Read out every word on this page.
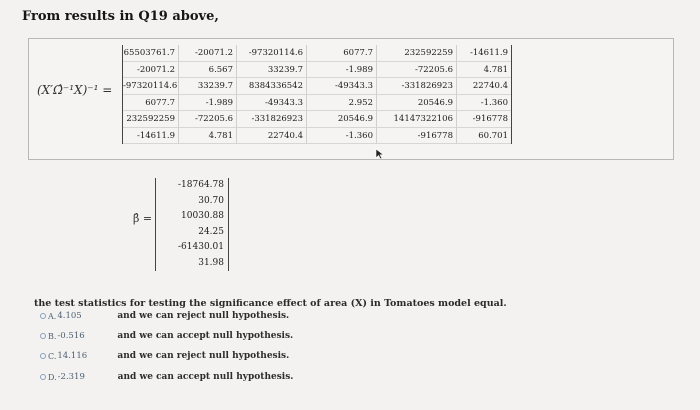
From results in Q19 above,
(X′Ω̂⁻¹X)⁻¹ =
65503761.7	-20071.2	-97320114.6	6077.7	232592259	-14611.9
-20071.2	6.567	33239.7	-1.989	-72205.6	4.781
-97320114.6	33239.7	8384336542	-49343.3	-331826923	22740.4
6077.7	-1.989	-49343.3	2.952	20546.9	-1.360
232592259	-72205.6	-331826923	20546.9	14147322106	-916778
-14611.9	4.781	22740.4	-1.360	-916778	60.701
β̂ =
-18764.78
30.70
10030.88
24.25
-61430.01
31.98
the test statistics for testing the significance effect of area (X) in Tomatoes model equal.
A. 4.105	and we can reject null hypothesis.
B. -0.516	and we can accept null hypothesis.
C. 14.116	and we can reject null hypothesis.
D. -2.319	and we can accept null hypothesis.
